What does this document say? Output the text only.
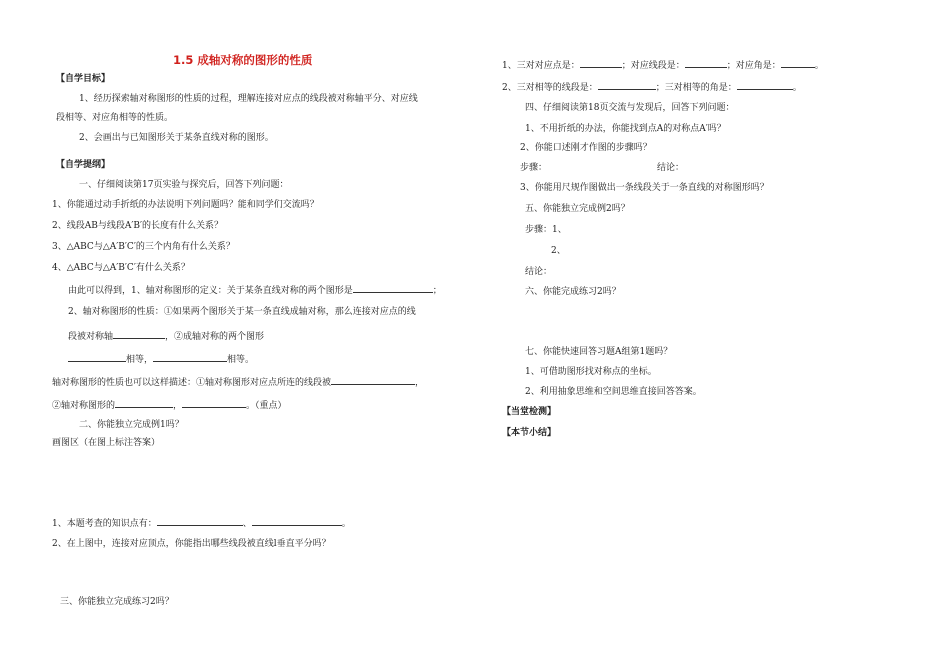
1.5 成轴对称的图形的性质
【自学目标】
1、经历探索轴对称图形的性质的过程，理解连接对应点的线段被对称轴平分、对应线
段相等、对应角相等的性质。
2、会画出与已知图形关于某条直线对称的图形。
【自学提纲】
一、仔细阅读第17页实验与探究后，回答下列问题：
1、你能通过动手折纸的办法说明下列问题吗？能和同学们交流吗？
2、线段AB与线段A′B′的长度有什么关系？
3、△ABC与△A′B′C′的三个内角有什么关系？
4、△ABC与△A′B′C′有什么关系？
由此可以得到，1、轴对称图形的定义：关于某条直线对称的两个图形是	；
2、轴对称图形的性质：①如果两个图形关于某一条直线成轴对称，那么连接对应点的线
段被对称轴	，②成轴对称的两个图形
相等，	相等。
轴对称图形的性质也可以这样描述：①轴对称图形对应点所连的线段被	，
②轴对称图形的	，	。（重点）
二、你能独立完成例1吗？
画图区（在图上标注答案）
1、本题考查的知识点有：	、	。
2、在上图中，连接对应顶点，你能指出哪些线段被直线l垂直平分吗？
三、你能独立完成练习2吗？
1、三对对应点是：	；对应线段是：	；对应角是：	。
2、三对相等的线段是：	；三对相等的角是：	。
四、仔细阅读第18页交流与发现后，回答下列问题：
1、不用折纸的办法，你能找到点A的对称点A′吗？
2、你能口述刚才作图的步骤吗？
步骤：	结论：
3、你能用尺规作图做出一条线段关于一条直线的对称图形吗？
五、你能独立完成例2吗？
步骤：1、
2、
结论：
六、你能完成练习2吗？
七、你能快速回答习题A组第1题吗？
1、可借助图形找对称点的坐标。
2、利用抽象思维和空间思维直接回答答案。
【当堂检测】
【本节小结】
